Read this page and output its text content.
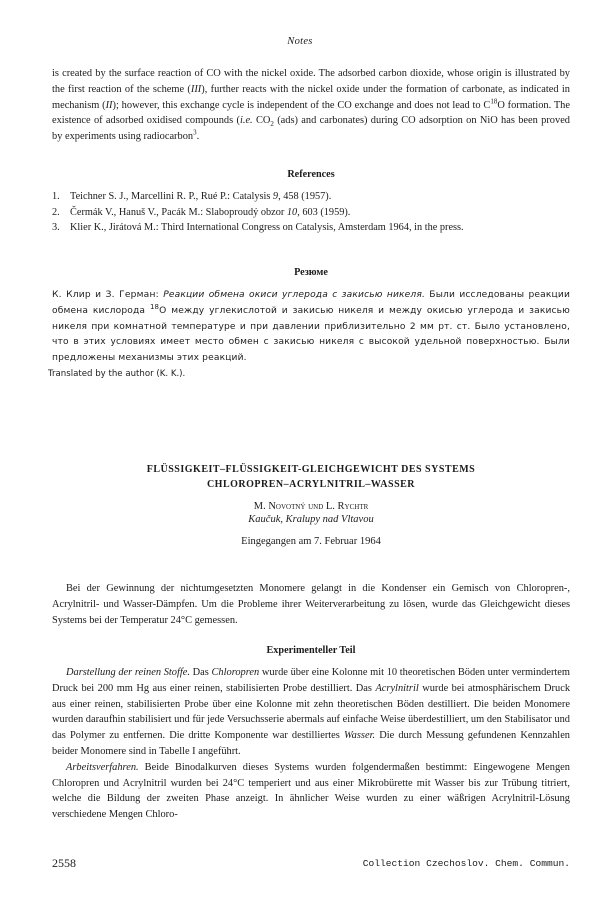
Notes

is created by the surface reaction of CO with the nickel oxide. The adsorbed carbon dioxide, whose origin is illustrated by the first reaction of the scheme (III), further reacts with the nickel oxide under the formation of carbonate, as indicated in mechanism (II); however, this exchange cycle is independent of the CO exchange and does not lead to $C^{18}O$ formation. The existence of adsorbed oxidised compounds (i.e. $CO_2$ (ads) and carbonates) during CO adsorption on NiO has been proved by experiments using radiocarbon$^3$.

References

1. Teichner S. J., Marcellini R. P., Rué P.: Catalysis 9, 458 (1957).
2. Čermák V., Hanuš V., Pacák M.: Slaboproudý obzor 10, 603 (1959).
3. Klier K., Jirátová M.: Third International Congress on Catalysis, Amsterdam 1964, in the press.

Резюме

К. Клир и З. Герман: Реакции обмена окиси углерода с закисью никеля. Были исследованы реакции обмена кислорода $^{18}$O между углекислотой и закисью никеля и между окисью углерода и закисью никеля при комнатной температуре и при давлении приблизительно 2 мм рт. ст. Было установлено, что в этих условиях имеет место обмен с закисью никеля с высокой удельной поверхностью. Были предложены механизмы этих реакций.

Translated by the author (K. K.).

FLÜSSIGKEIT–FLÜSSIGKEIT-GLEICHGEWICHT DES SYSTEMS

CHLOROPREN–ACRYLNITRIL–WASSER

M. Novotný und L. Rychtr

Kaučuk, Kralupy nad Vltavou

Eingegangen am 7. Februar 1964

Bei der Gewinnung der nichtumgesetzten Monomere gelangt in die Kondenser ein Gemisch von Chloropren-, Acrylnitril- und Wasser-Dämpfen. Um die Probleme ihrer Weiterverarbeitung zu lösen, wurde das Gleichgewicht dieses Systems bei der Temperatur 24°C gemessen.

Experimenteller Teil

Darstellung der reinen Stoffe. Das Chloropren wurde über eine Kolonne mit 10 theoretischen Böden unter vermindertem Druck bei 200 mm Hg aus einer reinen, stabilisierten Probe destilliert. Das Acrylnitril wurde bei atmosphärischem Druck aus einer reinen, stabilisierten Probe über eine Kolonne mit zehn theoretischen Böden destilliert. Die beiden Monomere wurden daraufhin stabilisiert und für jede Versuchsserie abermals auf einfache Weise überdestilliert, um den Stabilisator und das Polymer zu entfernen. Die dritte Komponente war destilliertes Wasser. Die durch Messung gefundenen Kennzahlen beider Monomere sind in Tabelle I angeführt.

Arbeitsverfahren. Beide Binodalkurven dieses Systems wurden folgendermaßen bestimmt: Eingewogene Mengen Chloropren und Acrylnitril wurden bei 24°C temperiert und aus einer Mikrobürette mit Wasser bis zur Trübung titriert, welche die Bildung der zweiten Phase anzeigt. In ähnlicher Weise wurden zu einer wäßrigen Acrylnitril-Lösung verschiedene Mengen Chloro-

2558	Collection Czechoslov. Chem. Commun.
